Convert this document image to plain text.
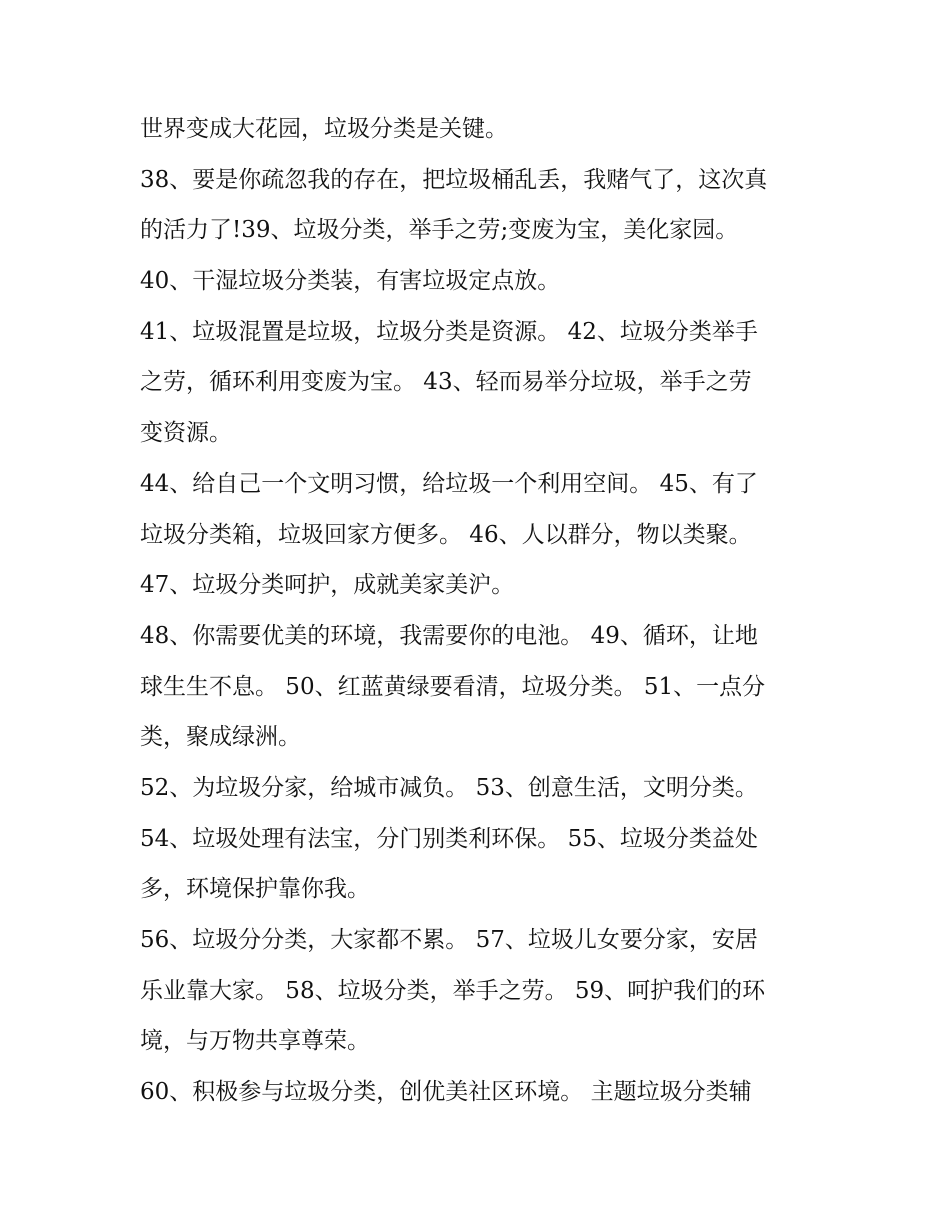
世界变成大花园，垃圾分类是关键。
38、要是你疏忽我的存在，把垃圾桶乱丢，我赌气了，这次真
的活力了!39、垃圾分类，举手之劳;变废为宝，美化家园。
40、干湿垃圾分类装，有害垃圾定点放。
41、垃圾混置是垃圾，垃圾分类是资源。 42、垃圾分类举手
之劳，循环利用变废为宝。 43、轻而易举分垃圾，举手之劳
变资源。
44、给自己一个文明习惯，给垃圾一个利用空间。 45、有了
垃圾分类箱，垃圾回家方便多。 46、人以群分，物以类聚。
47、垃圾分类呵护，成就美家美沪。
48、你需要优美的环境，我需要你的电池。 49、循环，让地
球生生不息。 50、红蓝黄绿要看清，垃圾分类。 51、一点分
类，聚成绿洲。
52、为垃圾分家，给城市减负。 53、创意生活，文明分类。
54、垃圾处理有法宝，分门别类利环保。 55、垃圾分类益处
多，环境保护靠你我。
56、垃圾分分类，大家都不累。 57、垃圾儿女要分家，安居
乐业靠大家。 58、垃圾分类，举手之劳。 59、呵护我们的环
境，与万物共享尊荣。
60、积极参与垃圾分类，创优美社区环境。 主题垃圾分类辅
